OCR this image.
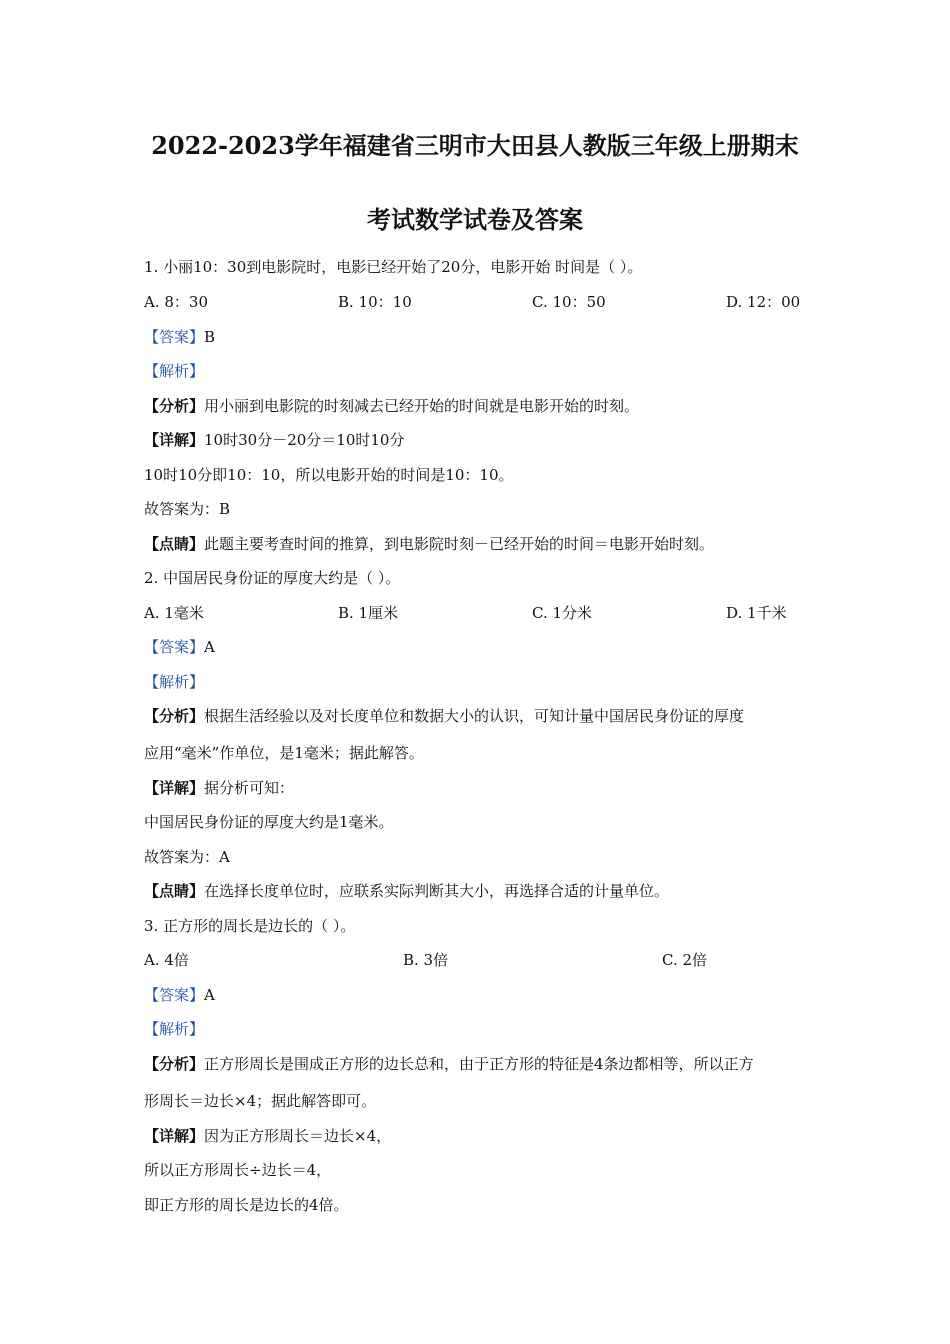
2022-2023学年福建省三明市大田县人教版三年级上册期末
考试数学试卷及答案
1. 小丽10：30到电影院时，电影已经开始了20分，电影开始 时间是（ ）。
A. 8：30	B. 10：10	C. 10：50	D. 12：00
【答案】B
【解析】
【分析】用小丽到电影院的时刻减去已经开始的时间就是电影开始的时刻。
【详解】10时30分－20分＝10时10分
10时10分即10：10，所以电影开始的时间是10：10。
故答案为：B
【点睛】此题主要考查时间的推算，到电影院时刻－已经开始的时间＝电影开始时刻。
2. 中国居民身份证的厚度大约是（ ）。
A. 1毫米	B. 1厘米	C. 1分米	D. 1千米
【答案】A
【解析】
【分析】根据生活经验以及对长度单位和数据大小的认识，可知计量中国居民身份证的厚度
应用“毫米”作单位，是1毫米；据此解答。
【详解】据分析可知：
中国居民身份证的厚度大约是1毫米。
故答案为：A
【点睛】在选择长度单位时，应联系实际判断其大小，再选择合适的计量单位。
3. 正方形的周长是边长的（ ）。
A. 4倍	B. 3倍	C. 2倍
【答案】A
【解析】
【分析】正方形周长是围成正方形的边长总和，由于正方形的特征是4条边都相等，所以正方
形周长＝边长×4；据此解答即可。
【详解】因为正方形周长＝边长×4，
所以正方形周长÷边长＝4，
即正方形的周长是边长的4倍。
